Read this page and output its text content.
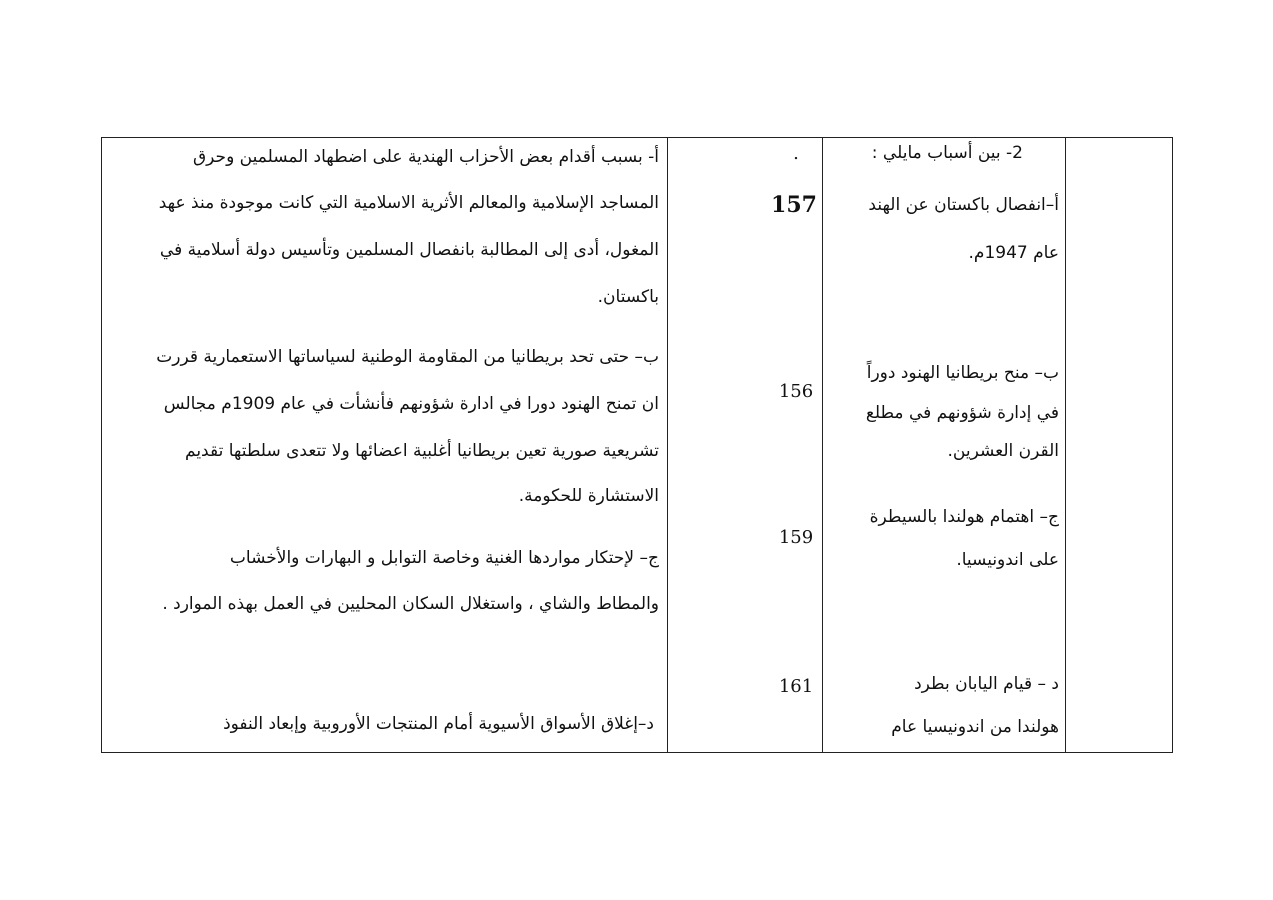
2- بين أسباب مايلي :
أ–انفصال باكستان عن الهند
عام 1947م.
ب– منح بريطانيا الهنود دوراً
في إدارة شؤونهم في مطلع
القرن العشرين.
ج– اهتمام هولندا بالسيطرة
على اندونيسيا.
د – قيام اليابان بطرد
هولندا من اندونيسيا عام
.
157
156
159
161
أ- بسبب أقدام بعض الأحزاب الهندية على اضطهاد المسلمين وحرق
المساجد الإسلامية والمعالم الأثرية الاسلامية التي كانت موجودة منذ عهد
المغول، أدى إلى المطالبة بانفصال المسلمين وتأسيس دولة أسلامية في
باكستان.
ب– حتى تحد بريطانيا من المقاومة الوطنية لسياساتها الاستعمارية قررت
ان تمنح الهنود دورا في ادارة شؤونهم فأنشأت في عام 1909م مجالس
تشريعية صورية تعين بريطانيا أغلبية اعضائها ولا تتعدى سلطتها تقديم
الاستشارة للحكومة.
ج– لإحتكار مواردها الغنية وخاصة التوابل و البهارات والأخشاب
والمطاط والشاي ، واستغلال السكان المحليين في العمل بهذه الموارد .
د–إغلاق الأسواق الأسيوية أمام المنتجات الأوروبية وإبعاد النفوذ
